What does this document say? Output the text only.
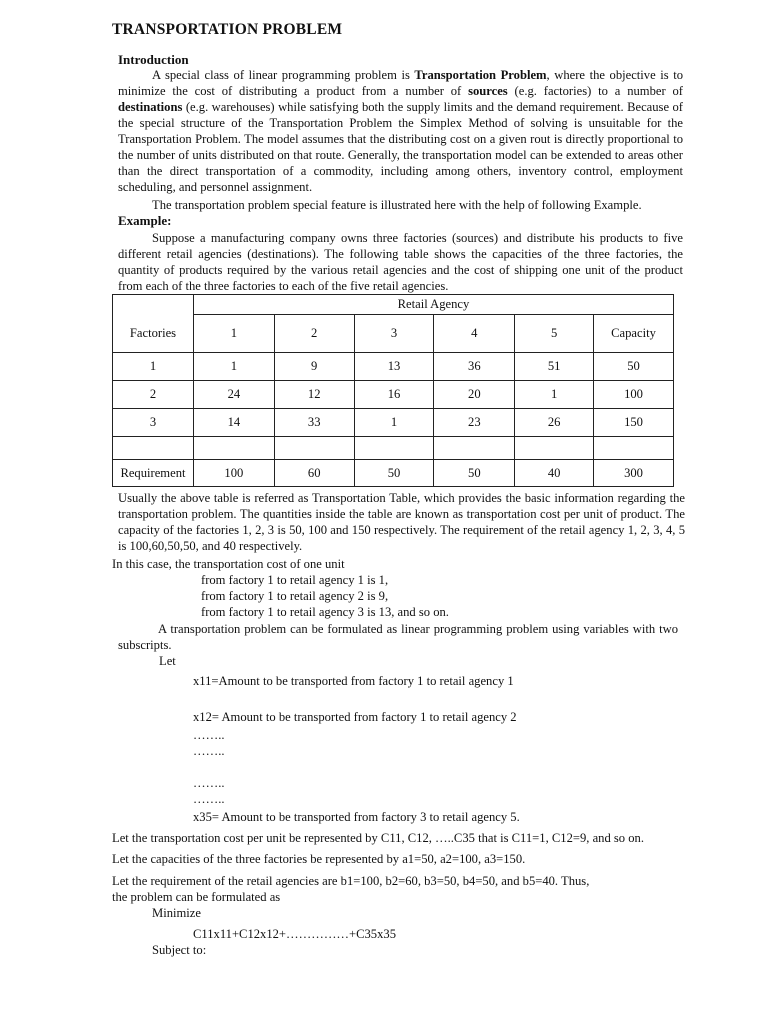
TRANSPORTATION PROBLEM
Introduction

A special class of linear programming problem is Transportation Problem, where the objective is to minimize the cost of distributing a product from a number of sources (e.g. factories) to a number of destinations (e.g. warehouses) while satisfying both the supply limits and the demand requirement. Because of the special structure of the Transportation Problem the Simplex Method of solving is unsuitable for the Transportation Problem. The model assumes that the distributing cost on a given rout is directly proportional to the number of units distributed on that route. Generally, the transportation model can be extended to areas other than the direct transportation of a commodity, including among others, inventory control, employment scheduling, and personnel assignment.

The transportation problem special feature is illustrated here with the help of following Example.
Example:

Suppose a manufacturing company owns three factories (sources) and distribute his products to five different retail agencies (destinations). The following table shows the capacities of the three factories, the quantity of products required by the various retail agencies and the cost of shipping one unit of the product from each of the three factories to each of the five retail agencies.

	Retail Agency					
Factories	1	2	3	4	5	Capacity
1	1	9	13	36	51	50
2	24	12	16	20	1	100
3	14	33	1	23	26	150

Requirement	100	60	50	50	40	300

Usually the above table is referred as Transportation Table, which provides the basic information regarding the transportation problem. The quantities inside the table are known as transportation cost per unit of product. The capacity of the factories 1, 2, 3 is 50, 100 and 150 respectively. The requirement of the retail agency 1, 2, 3, 4, 5 is 100,60,50,50, and 40 respectively.

In this case, the transportation cost of one unit
from factory 1 to retail agency 1 is 1,
from factory 1 to retail agency 2 is 9,
from factory 1 to retail agency 3 is 13, and so on.

A transportation problem can be formulated as linear programming problem using variables with two subscripts.

Let
x11=Amount to be transported from factory 1 to retail agency 1
x12= Amount to be transported from factory 1 to retail agency 2
……..
……..
……..
……..
x35= Amount to be transported from factory 3 to retail agency 5.
Let the transportation cost per unit be represented by C11, C12, …..C35 that is C11=1, C12=9, and so on.
Let the capacities of the three factories be represented by a1=50, a2=100, a3=150.
Let the requirement of the retail agencies are b1=100, b2=60, b3=50, b4=50, and b5=40. Thus,
the problem can be formulated as
Minimize
C11x11+C12x12+……………+C35x35
Subject to:
